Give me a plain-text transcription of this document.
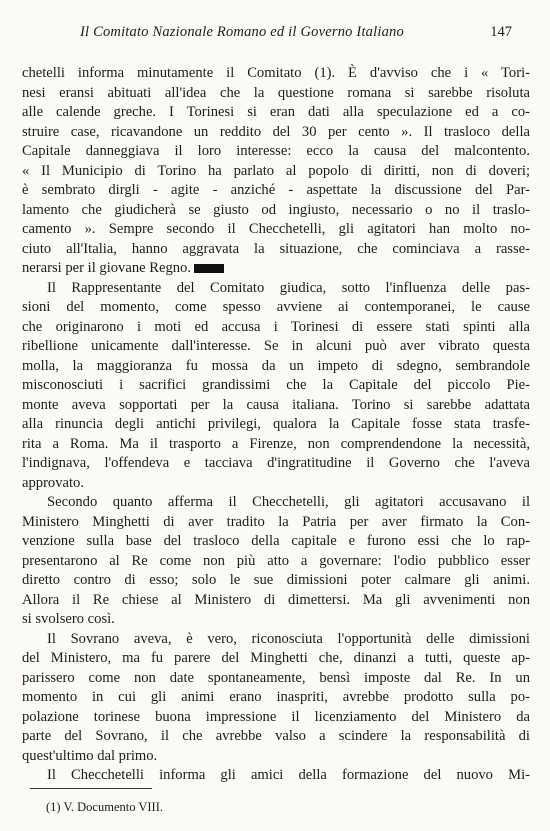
Il Comitato Nazionale Romano ed il Governo Italiano	147
chetelli informa minutamente il Comitato (1). È d'avviso che i « Tori-
nesi eransi abituati all'idea che la questione romana si sarebbe risoluta
alle calende greche. I Torinesi si eran dati alla speculazione ed a co-
struire case, ricavandone un reddito del 30 per cento ». Il trasloco della
Capitale danneggiava il loro interesse: ecco la causa del malcontento.
« Il Municipio di Torino ha parlato al popolo di diritti, non di doveri;
è sembrato dirgli - agite - anziché - aspettate la discussione del Par-
lamento che giudicherà se giusto od ingiusto, necessario o no il traslo-
camento ». Sempre secondo il Checchetelli, gli agitatori han molto no-
ciuto all'Italia, hanno aggravata la situazione, che cominciava a rasse-
nerarsi per il giovane Regno.
Il Rappresentante del Comitato giudica, sotto l'influenza delle pas-
sioni del momento, come spesso avviene ai contemporanei, le cause
che originarono i moti ed accusa i Torinesi di essere stati spinti alla
ribellione unicamente dall'interesse. Se in alcuni può aver vibrato questa
molla, la maggioranza fu mossa da un impeto di sdegno, sembrandole
misconosciuti i sacrifici grandissimi che la Capitale del piccolo Pie-
monte aveva sopportati per la causa italiana. Torino si sarebbe adattata
alla rinuncia degli antichi privilegi, qualora la Capitale fosse stata trasfe-
rita a Roma. Ma il trasporto a Firenze, non comprendendone la necessità,
l'indignava, l'offendeva e tacciava d'ingratitudine il Governo che l'aveva
approvato.
Secondo quanto afferma il Checchetelli, gli agitatori accusavano il
Ministero Minghetti di aver tradito la Patria per aver firmato la Con-
venzione sulla base del trasloco della capitale e furono essi che lo rap-
presentarono al Re come non più atto a governare: l'odio pubblico esser
diretto contro di esso; solo le sue dimissioni poter calmare gli animi.
Allora il Re chiese al Ministero di dimettersi. Ma gli avvenimenti non
si svolsero così.
Il Sovrano aveva, è vero, riconosciuta l'opportunità delle dimissioni
del Ministero, ma fu parere del Minghetti che, dinanzi a tutti, queste ap-
parissero come non date spontaneamente, bensì imposte dal Re. In un
momento in cui gli animi erano inaspriti, avrebbe prodotto sulla po-
polazione torinese buona impressione il licenziamento del Ministero da
parte del Sovrano, il che avrebbe valso a scindere la responsabilità di
quest'ultimo dal primo.
Il Checchetelli informa gli amici della formazione del nuovo Mi-
(1) V. Documento VIII.
